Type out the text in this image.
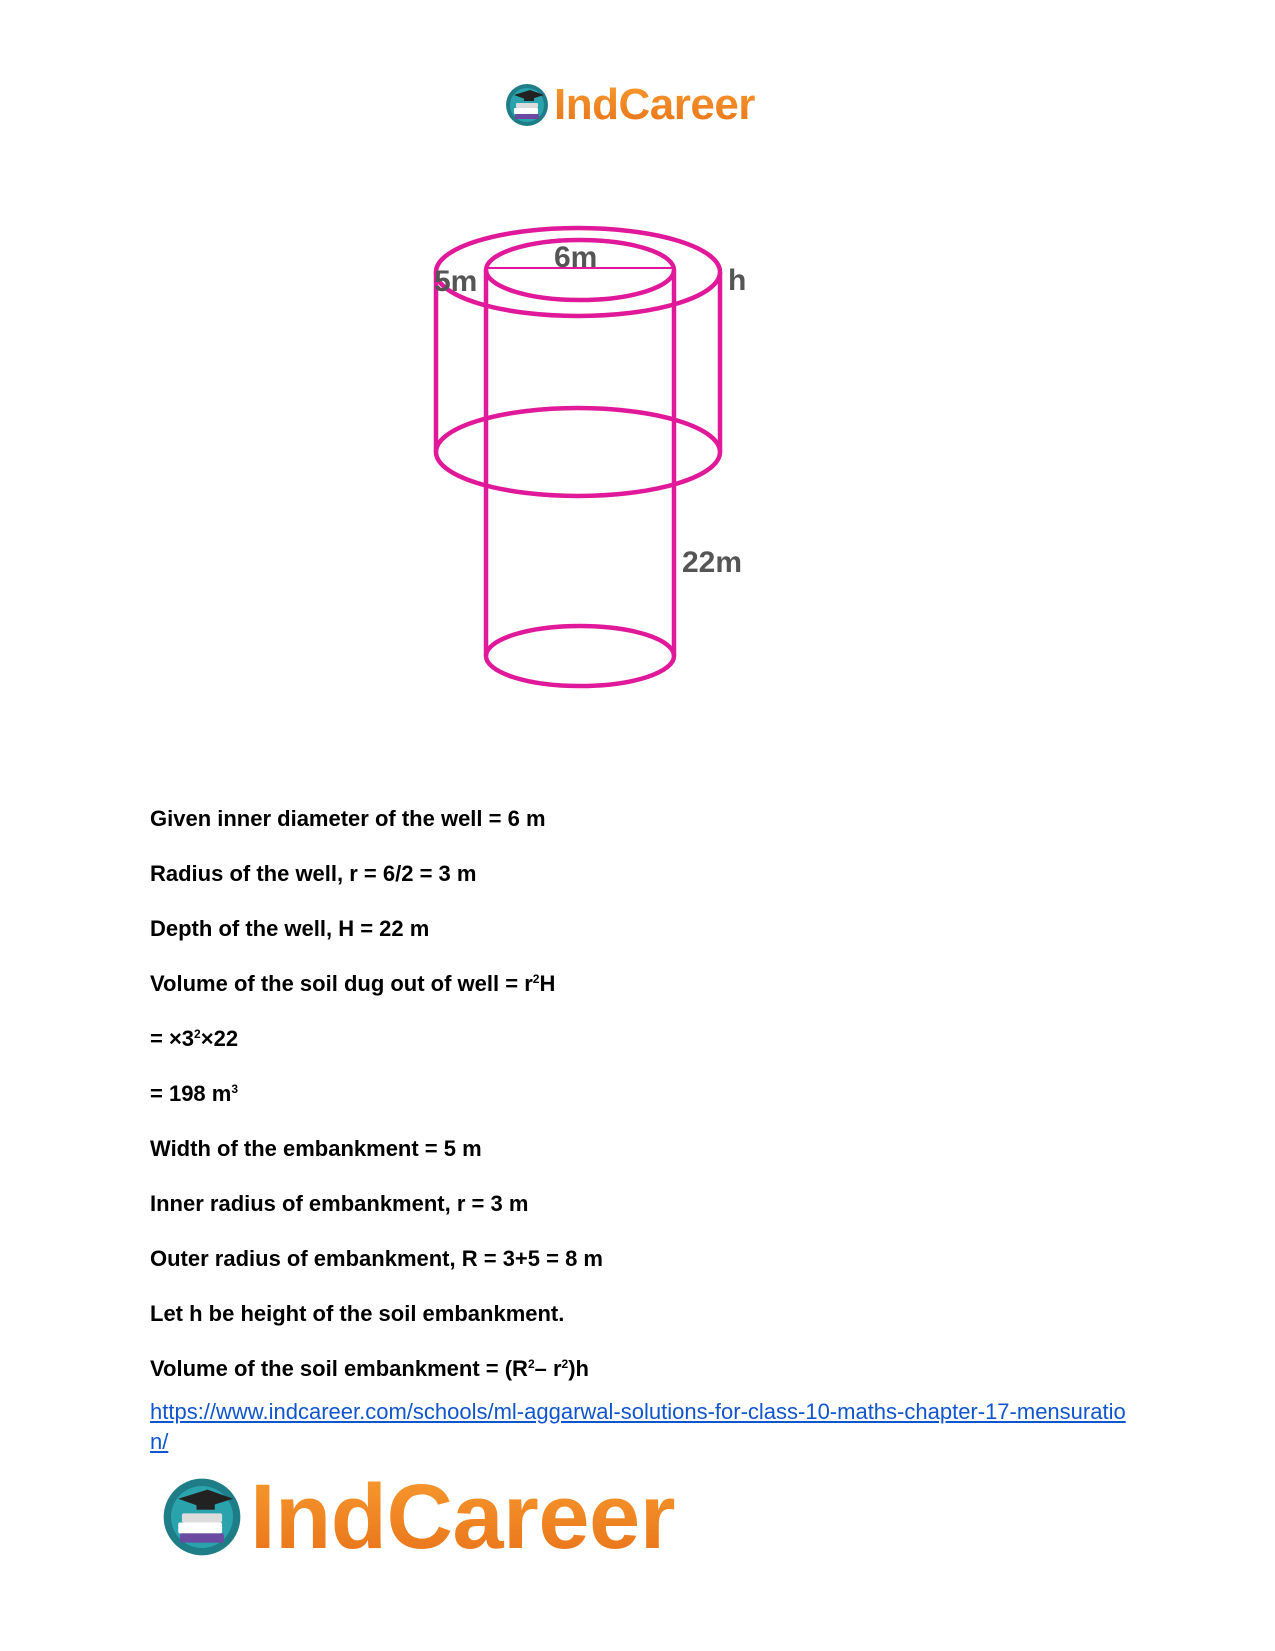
IndCareer
6m
5m	h
22m
Given inner diameter of the well = 6 m
Radius of the well, r = 6/2 = 3 m
Depth of the well, H = 22 m
Volume of the soil dug out of well = $r^2H$
= $\times 3^2\times 22$
= 198 $m^3$
Width of the embankment = 5 m
Inner radius of embankment, r = 3 m
Outer radius of embankment, R = 3+5 = 8 m
Let h be height of the soil embankment.
Volume of the soil embankment = ($R^2-$ $r^2)h$
https://www.indcareer.com/schools/ml-aggarwal-solutions-for-class-10-maths-chapter-17-mensuration/
IndCareer
